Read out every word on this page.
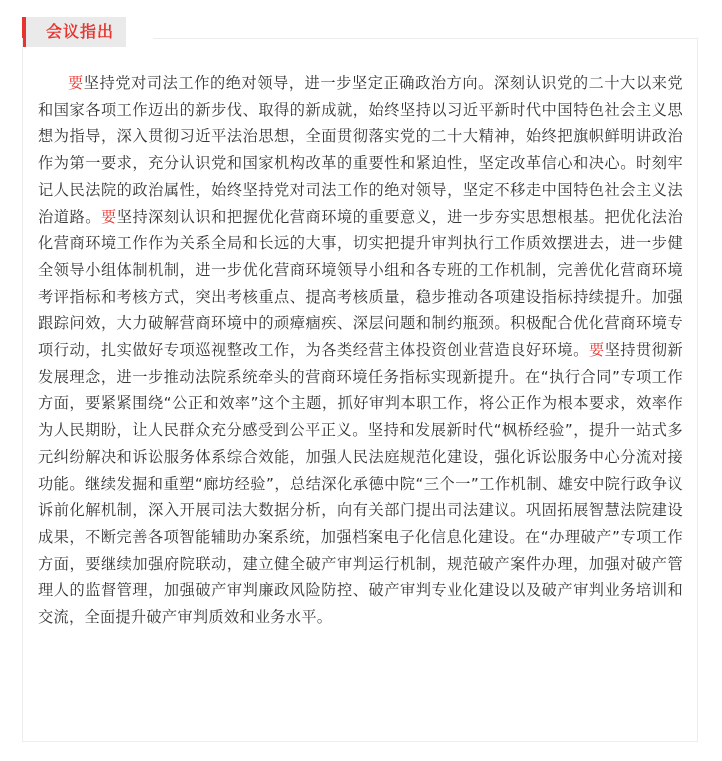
会议指出

要坚持党对司法工作的绝对领导，进一步坚定正确政治方向。深刻认识党的二十大以来党和国家各项工作迈出的新步伐、取得的新成就，始终坚持以习近平新时代中国特色社会主义思想为指导，深入贯彻习近平法治思想，全面贯彻落实党的二十大精神，始终把旗帜鲜明讲政治作为第一要求，充分认识党和国家机构改革的重要性和紧迫性，坚定改革信心和决心。时刻牢记人民法院的政治属性，始终坚持党对司法工作的绝对领导，坚定不移走中国特色社会主义法治道路。要坚持深刻认识和把握优化营商环境的重要意义，进一步夯实思想根基。把优化法治化营商环境工作作为关系全局和长远的大事，切实把提升审判执行工作质效摆进去，进一步健全领导小组体制机制，进一步优化营商环境领导小组和各专班的工作机制，完善优化营商环境考评指标和考核方式，突出考核重点、提高考核质量，稳步推动各项建设指标持续提升。加强跟踪问效，大力破解营商环境中的顽瘴痼疾、深层问题和制约瓶颈。积极配合优化营商环境专项行动，扎实做好专项巡视整改工作，为各类经营主体投资创业营造良好环境。要坚持贯彻新发展理念，进一步推动法院系统牵头的营商环境任务指标实现新提升。在“执行合同”专项工作方面，要紧紧围绕“公正和效率”这个主题，抓好审判本职工作，将公正作为根本要求，效率作为人民期盼，让人民群众充分感受到公平正义。坚持和发展新时代“枫桥经验”，提升一站式多元纠纷解决和诉讼服务体系综合效能，加强人民法庭规范化建设，强化诉讼服务中心分流对接功能。继续发掘和重塑“廊坊经验”，总结深化承德中院“三个一”工作机制、雄安中院行政争议诉前化解机制，深入开展司法大数据分析，向有关部门提出司法建议。巩固拓展智慧法院建设成果，不断完善各项智能辅助办案系统，加强档案电子化信息化建设。在“办理破产”专项工作方面，要继续加强府院联动，建立健全破产审判运行机制，规范破产案件办理，加强对破产管理人的监督管理，加强破产审判廉政风险防控、破产审判专业化建设以及破产审判业务培训和交流，全面提升破产审判质效和业务水平。
